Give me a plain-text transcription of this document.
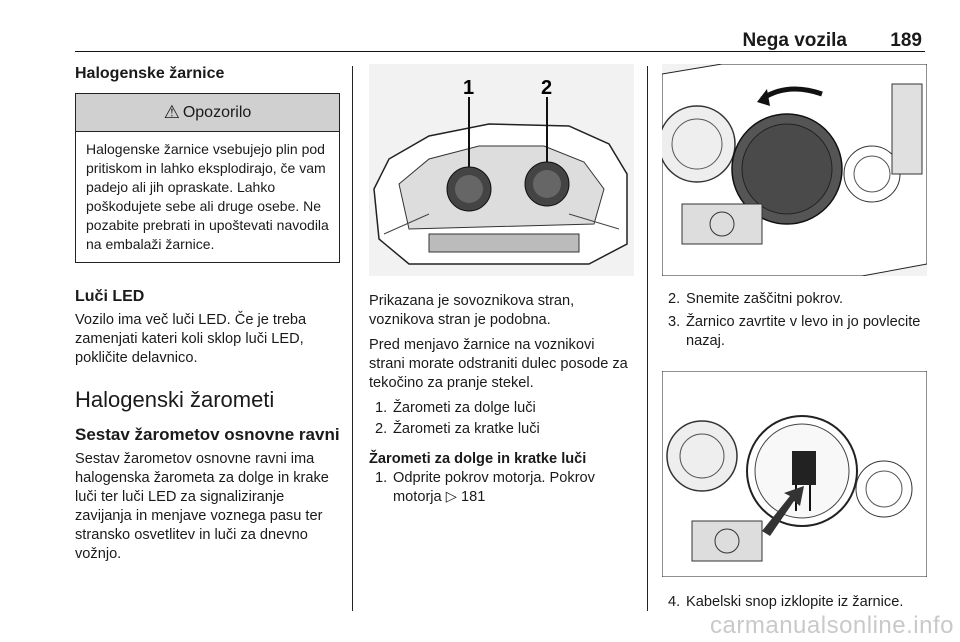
Nega vozila 189
Halogenske žarnice
⚠ Opozorilo
Halogenske žarnice vsebujejo plin pod pritiskom in lahko eksplodirajo, če vam padejo ali jih opraskate. Lahko poškodujete sebe ali druge osebe. Ne pozabite prebrati in upoštevati navodila na embalaži žarnice.
Luči LED
Vozilo ima več luči LED. Če je treba zamenjati kateri koli sklop luči LED, pokličite delavnico.
Halogenski žarometi
Sestav žarometov osnovne ravni
Sestav žarometov osnovne ravni ima halogenska žarometa za dolge in krake luči ter luči LED za signaliziranje zavijanja in menjave voznega pasu ter stransko osvetlitev in luči za dnevno vožnjo.
1	2
Prikazana je sovoznikova stran, voznikova stran je podobna.
Pred menjavo žarnice na voznikovi strani morate odstraniti dulec posode za tekočino za pranje stekel.
1. Žarometi za dolge luči
2. Žarometi za kratke luči
Žarometi za dolge in kratke luči
1. Odprite pokrov motorja. Pokrov motorja ▷ 181
2. Snemite zaščitni pokrov.
3. Žarnico zavrtite v levo in jo povlecite nazaj.
4. Kabelski snop izklopite iz žarnice.
carmanualsonline.info
